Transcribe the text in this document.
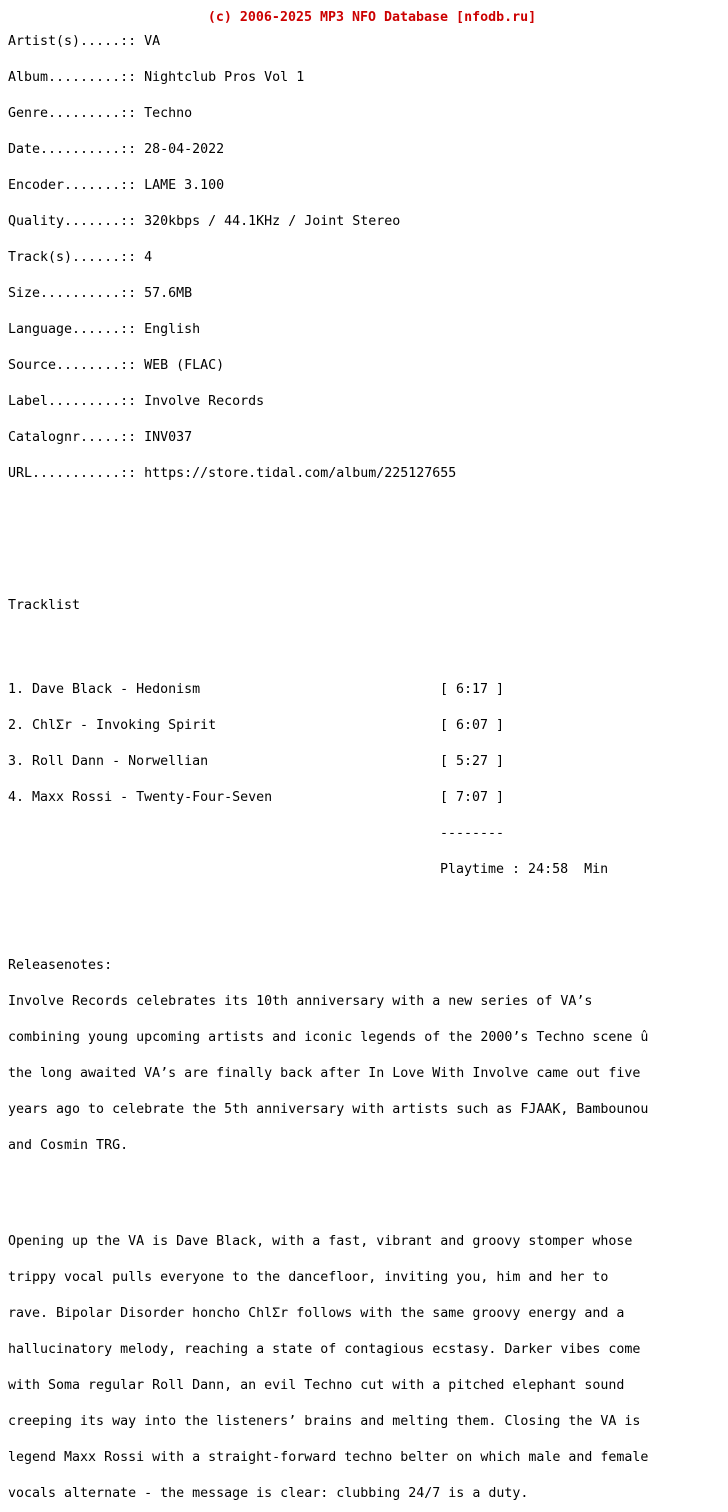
(c) 2006-2025 MP3 NFO Database [nfodb.ru]

Artist(s).....:: VA

Album.........:: Nightclub Pros Vol 1

Genre.........:: Techno

Date..........:: 28-04-2022

Encoder.......:: LAME 3.100

Quality.......:: 320kbps / 44.1KHz / Joint Stereo

Track(s)......:: 4

Size..........:: 57.6MB

Language......:: English

Source........:: WEB (FLAC)

Label.........:: Involve Records

Catalognr.....:: INV037

URL...........:: https://store.tidal.com/album/225127655

Tracklist

1. Dave Black - Hedonism

	[ 6:17 ]

2. ChlΣr - Invoking Spirit

	[ 6:07 ]

3. Roll Dann - Norwellian

	[ 5:27 ]

4. Maxx Rossi - Twenty-Four-Seven

	[ 7:07 ]

--------

Playtime : 24:58  Min

Releasenotes:

Involve Records celebrates its 10th anniversary with a new series of VA’s

combining young upcoming artists and iconic legends of the 2000’s Techno scene û

the long awaited VA’s are finally back after In Love With Involve came out five

years ago to celebrate the 5th anniversary with artists such as FJAAK, Bambounou

and Cosmin TRG.

Opening up the VA is Dave Black, with a fast, vibrant and groovy stomper whose

trippy vocal pulls everyone to the dancefloor, inviting you, him and her to

rave. Bipolar Disorder honcho ChlΣr follows with the same groovy energy and a

hallucinatory melody, reaching a state of contagious ecstasy. Darker vibes come

with Soma regular Roll Dann, an evil Techno cut with a pitched elephant sound

creeping its way into the listeners’ brains and melting them. Closing the VA is

legend Maxx Rossi with a straight-forward techno belter on which male and female

vocals alternate - the message is clear: clubbing 24/7 is a duty.
